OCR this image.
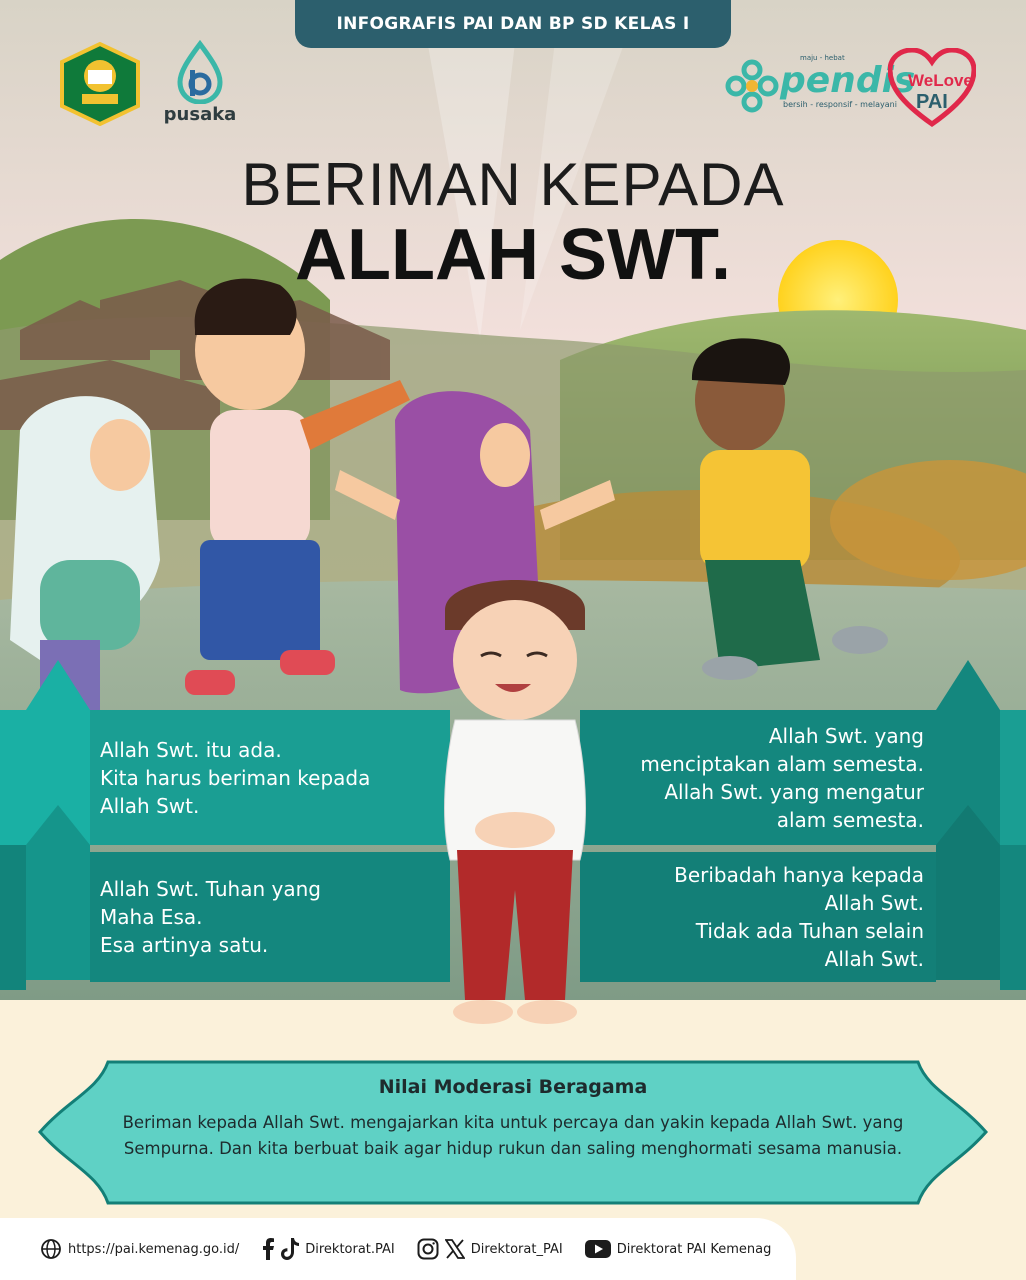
INFOGRAFIS PAI DAN BP SD KELAS I
pusaka
maju - hebat
pendis
bersih - responsif - melayani
WeLove
PAI
BERIMAN KEPADA
ALLAH SWT.
Allah Swt. itu ada.
Kita harus beriman kepada
Allah Swt.
Allah Swt. Tuhan yang
Maha Esa.
Esa artinya satu.
Allah Swt. yang
menciptakan alam semesta.
Allah Swt. yang mengatur
alam semesta.
Beribadah hanya kepada
Allah Swt.
Tidak ada Tuhan selain
Allah Swt.
Nilai Moderasi Beragama
Beriman kepada Allah Swt. mengajarkan kita untuk percaya dan yakin kepada Allah Swt. yang Sempurna. Dan kita berbuat baik agar hidup rukun dan saling menghormati sesama manusia.
https://pai.kemenag.go.id/	Direktorat.PAI	Direktorat_PAI	Direktorat PAI Kemenag
